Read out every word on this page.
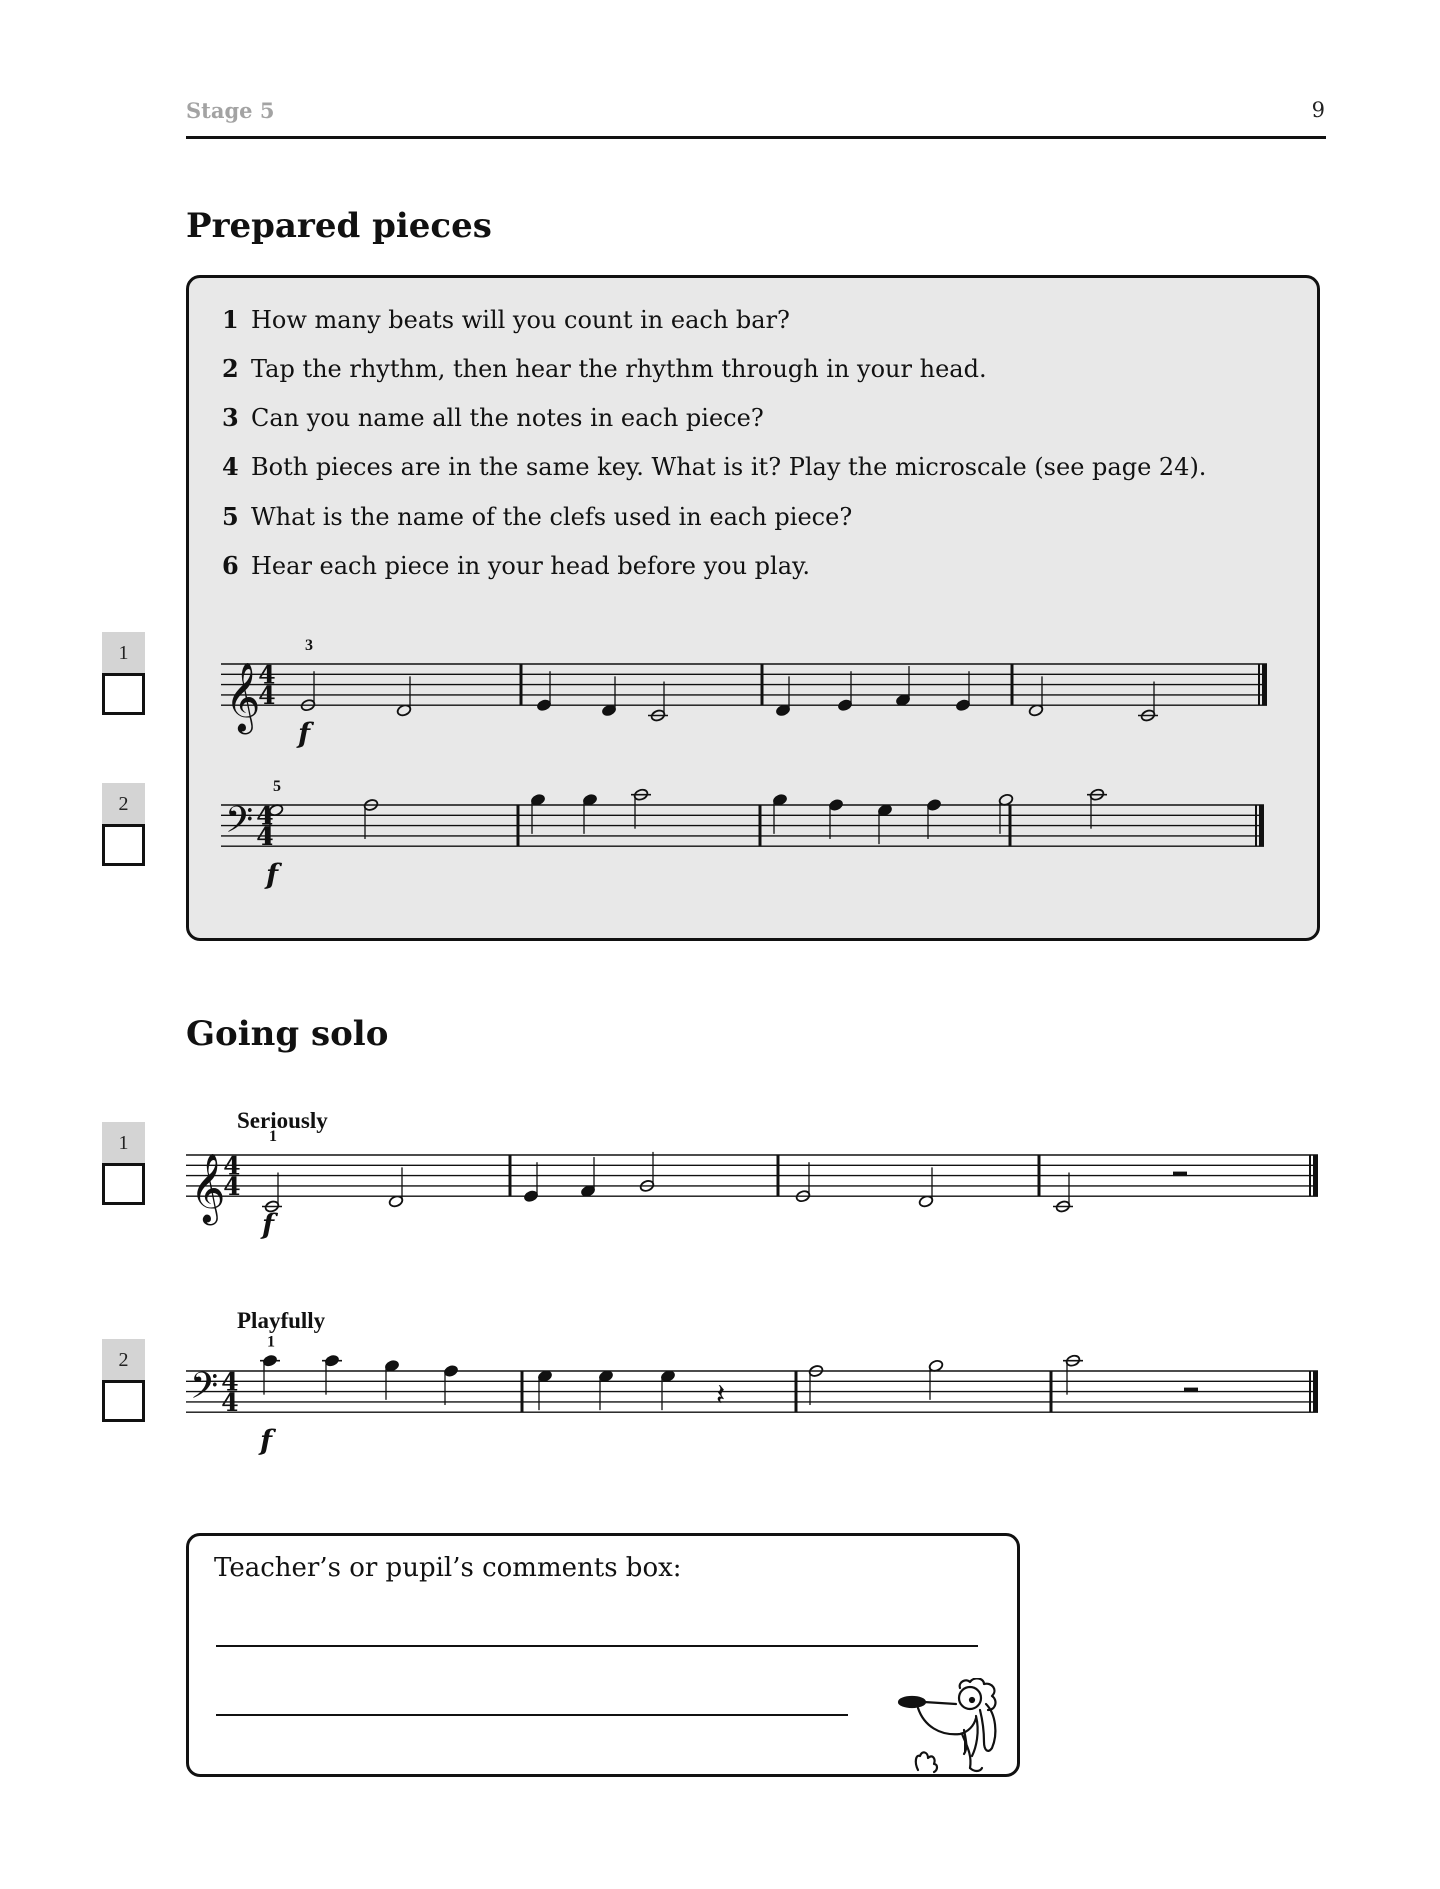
Stage 5	9
Prepared pieces
1 How many beats will you count in each bar?
2 Tap the rhythm, then hear the rhythm through in your head.
3 Can you name all the notes in each piece?
4 Both pieces are in the same key. What is it? Play the microscale (see page 24).
5 What is the name of the clefs used in each piece?
6 Hear each piece in your head before you play.
1
2
Going solo
Seriously
Playfully
1
2
𝄞
4
4
3
f
𝄢 4
4
5
f
𝄞
4
4
1
f
𝄢 4
4	𝄽
1
f
Teacher’s or pupil’s comments box:
